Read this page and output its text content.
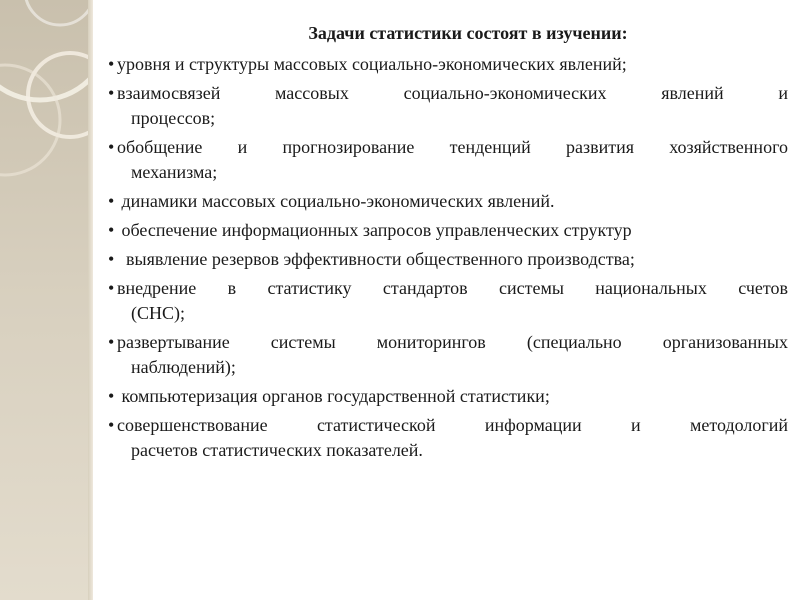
Задачи статистики состоят в изучении:
• уровня и структуры массовых социально-экономических явлений;
• взаимосвязей массовых социально-экономических явлений и
процессов;
• обобщение и прогнозирование тенденций развития хозяйственного
механизма;
• динамики массовых социально-экономических явлений.
• обеспечение информационных запросов управленческих структур
• выявление резервов эффективности общественного производства;
• внедрение в статистику стандартов системы национальных счетов
(СНС);
• развертывание системы мониторингов (специально организованных
наблюдений);
• компьютеризация органов государственной статистики;
• совершенствование статистической информации и методологий
расчетов статистических показателей.
